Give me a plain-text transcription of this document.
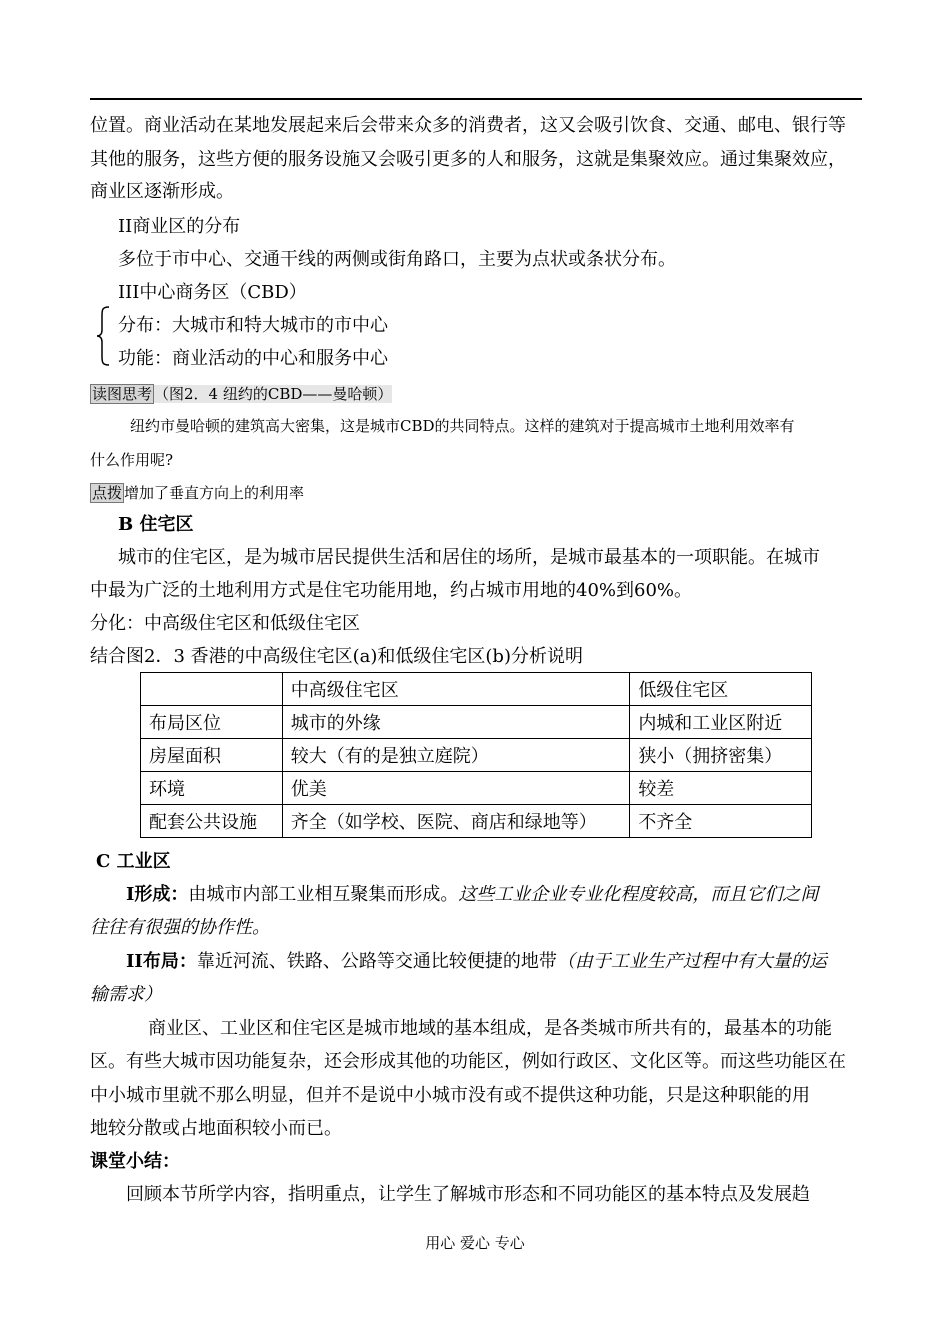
位置。商业活动在某地发展起来后会带来众多的消费者，这又会吸引饮食、交通、邮电、银行等
其他的服务，这些方便的服务设施又会吸引更多的人和服务，这就是集聚效应。通过集聚效应，
商业区逐渐形成。
II商业区的分布
多位于市中心、交通干线的两侧或街角路口，主要为点状或条状分布。
III中心商务区（CBD）
分布：大城市和特大城市的市中心
功能：商业活动的中心和服务中心
读图思考 （图2．4 纽约的CBD——曼哈顿）
纽约市曼哈顿的建筑高大密集，这是城市CBD的共同特点。这样的建筑对于提高城市土地利用效率有
什么作用呢?
点拨 增加了垂直方向上的利用率
B 住宅区
城市的住宅区，是为城市居民提供生活和居住的场所，是城市最基本的一项职能。在城市
中最为广泛的土地利用方式是住宅功能用地，约占城市用地的40%到60%。
分化：中高级住宅区和低级住宅区
结合图2．3 香港的中高级住宅区(a)和低级住宅区(b)分析说明
	中高级住宅区	低级住宅区
布局区位	城市的外缘	内城和工业区附近
房屋面积	较大（有的是独立庭院）	狭小（拥挤密集）
环境	优美	较差
配套公共设施	齐全（如学校、医院、商店和绿地等）	不齐全
C 工业区
I形成：由城市内部工业相互聚集而形成。这些工业企业专业化程度较高，而且它们之间
往往有很强的协作性。
II布局：靠近河流、铁路、公路等交通比较便捷的地带（由于工业生产过程中有大量的运
输需求）
商业区、工业区和住宅区是城市地域的基本组成，是各类城市所共有的，最基本的功能
区。有些大城市因功能复杂，还会形成其他的功能区，例如行政区、文化区等。而这些功能区在
中小城市里就不那么明显，但并不是说中小城市没有或不提供这种功能，只是这种职能的用
地较分散或占地面积较小而已。
课堂小结：
回顾本节所学内容，指明重点，让学生了解城市形态和不同功能区的基本特点及发展趋
用心 爱心 专心
